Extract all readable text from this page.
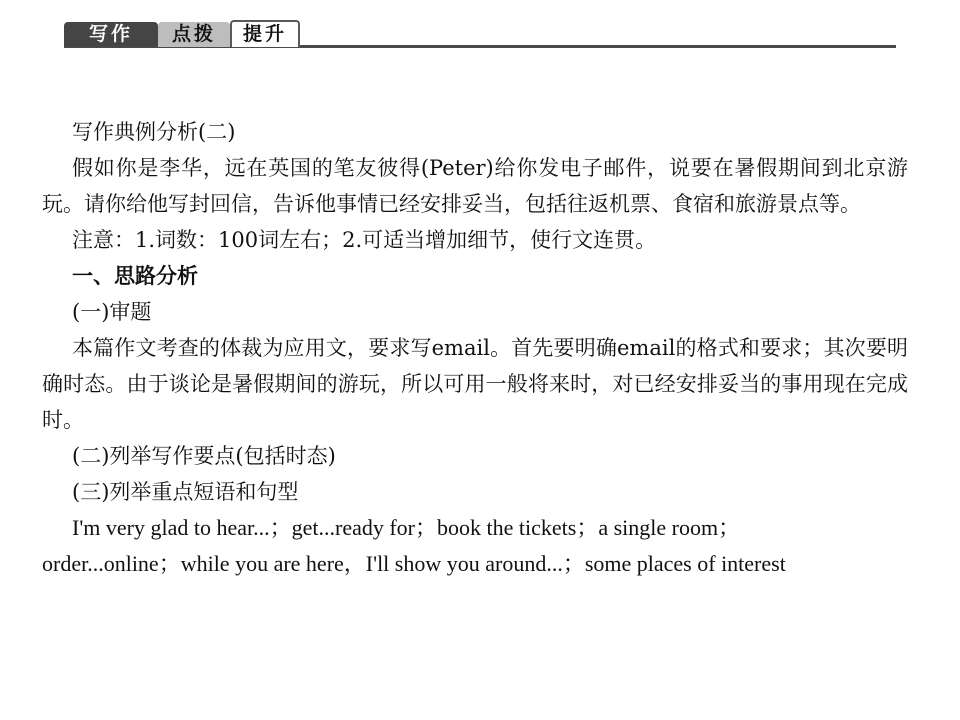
写作	点拨	提升

写作典例分析(二)

假如你是李华，远在英国的笔友彼得(Peter)给你发电子邮件，说要在暑假期间到北京游玩。请你给他写封回信，告诉他事情已经安排妥当，包括往返机票、食宿和旅游景点等。

注意：1.词数：100词左右；2.可适当增加细节，使行文连贯。

一、思路分析

(一)审题

本篇作文考查的体裁为应用文，要求写email。首先要明确email的格式和要求；其次要明确时态。由于谈论是暑假期间的游玩，所以可用一般将来时，对已经安排妥当的事用现在完成时。

(二)列举写作要点(包括时态)

(三)列举重点短语和句型

I'm very glad to hear...；get...ready for；book the tickets；a single room；

order...online；while you are here，I'll show you around...；some places of interest
